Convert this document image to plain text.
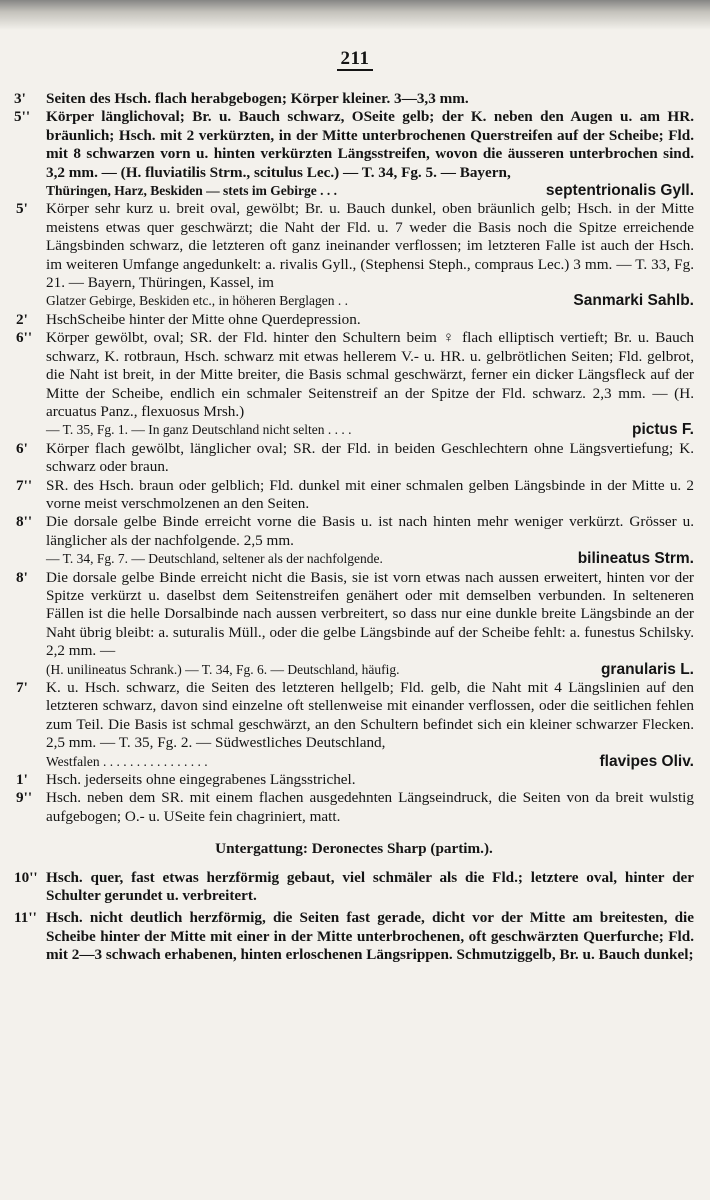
211

3' Seiten des Hsch. flach herabgebogen; Körper kleiner. 3—3,3 mm.

5'' Körper länglichoval; Br. u. Bauch schwarz, OSeite gelb; der K. neben den Augen u. am HR. bräunlich; Hsch. mit 2 verkürzten, in der Mitte unterbrochenen Querstreifen auf der Scheibe; Fld. mit 8 schwarzen vorn u. hinten verkürzten Längsstreifen, wovon die äusseren unterbrochen sind. 3,2 mm. — (H. fluviatilis Strm., scitulus Lec.) — T. 34, Fg. 5. — Bayern,
Thüringen, Harz, Beskiden — stets im Gebirge . . .	septentrionalis Gyll.

5' Körper sehr kurz u. breit oval, gewölbt; Br. u. Bauch dunkel, oben bräunlich gelb; Hsch. in der Mitte meistens etwas quer geschwärzt; die Naht der Fld. u. 7 weder die Basis noch die Spitze erreichende Längsbinden schwarz, die letzteren oft ganz ineinander verflossen; im letzteren Falle ist auch der Hsch. im weiteren Umfange angedunkelt: a. rivalis Gyll., (Stephensi Steph., compraus Lec.) 3 mm. — T. 33, Fg. 21. — Bayern, Thüringen, Kassel, im
Glatzer Gebirge, Beskiden etc., in höheren Berglagen . .	Sanmarki Sahlb.

2' HschScheibe hinter der Mitte ohne Querdepression.

6'' Körper gewölbt, oval; SR. der Fld. hinter den Schultern beim ♀ flach elliptisch vertieft; Br. u. Bauch schwarz, K. rotbraun, Hsch. schwarz mit etwas hellerem V.- u. HR. u. gelbrötlichen Seiten; Fld. gelbrot, die Naht ist breit, in der Mitte breiter, die Basis schmal geschwärzt, ferner ein dicker Längsfleck auf der Mitte der Scheibe, endlich ein schmaler Seitenstreif an der Spitze der Fld. schwarz. 2,3 mm. — (H. arcuatus Panz., flexuosus Mrsh.)
— T. 35, Fg. 1. — In ganz Deutschland nicht selten . . . .	pictus F.

6' Körper flach gewölbt, länglicher oval; SR. der Fld. in beiden Geschlechtern ohne Längsvertiefung; K. schwarz oder braun.

7'' SR. des Hsch. braun oder gelblich; Fld. dunkel mit einer schmalen gelben Längsbinde in der Mitte u. 2 vorne meist verschmolzenen an den Seiten.

8'' Die dorsale gelbe Binde erreicht vorne die Basis u. ist nach hinten mehr weniger verkürzt. Grösser u. länglicher als der nachfolgende. 2,5 mm.
— T. 34, Fg. 7. — Deutschland, seltener als der nachfolgende.	bilineatus Strm.

8' Die dorsale gelbe Binde erreicht nicht die Basis, sie ist vorn etwas nach aussen erweitert, hinten vor der Spitze verkürzt u. daselbst dem Seitenstreifen genähert oder mit demselben verbunden. In selteneren Fällen ist die helle Dorsalbinde nach aussen verbreitert, so dass nur eine dunkle breite Längsbinde an der Naht übrig bleibt: a. suturalis Müll., oder die gelbe Längsbinde auf der Scheibe fehlt: a. funestus Schilsky. 2,2 mm. —
(H. unilineatus Schrank.) — T. 34, Fg. 6. — Deutschland, häufig.	granularis L.

7' K. u. Hsch. schwarz, die Seiten des letzteren hellgelb; Fld. gelb, die Naht mit 4 Längslinien auf den letzteren schwarz, davon sind einzelne oft stellenweise mit einander verflossen, oder die seitlichen fehlen zum Teil. Die Basis ist schmal geschwärzt, an den Schultern befindet sich ein kleiner schwarzer Flecken. 2,5 mm. — T. 35, Fg. 2. — Südwestliches Deutschland,
Westfalen . . . . . . . . . . . . . . . .	flavipes Oliv.

1' Hsch. jederseits ohne eingegrabenes Längsstrichel.

9'' Hsch. neben dem SR. mit einem flachen ausgedehnten Längseindruck, die Seiten von da breit wulstig aufgebogen; O.- u. USeite fein chagriniert, matt.

Untergattung: Deronectes Sharp (partim.).

10'' Hsch. quer, fast etwas herzförmig gebaut, viel schmäler als die Fld.; letztere oval, hinter der Schulter gerundet u. verbreitert.

11'' Hsch. nicht deutlich herzförmig, die Seiten fast gerade, dicht vor der Mitte am breitesten, die Scheibe hinter der Mitte mit einer in der Mitte unterbrochenen, oft geschwärzten Querfurche; Fld. mit 2—3 schwach erhabenen, hinten erloschenen Längsrippen. Schmutziggelb, Br. u. Bauch dunkel;
